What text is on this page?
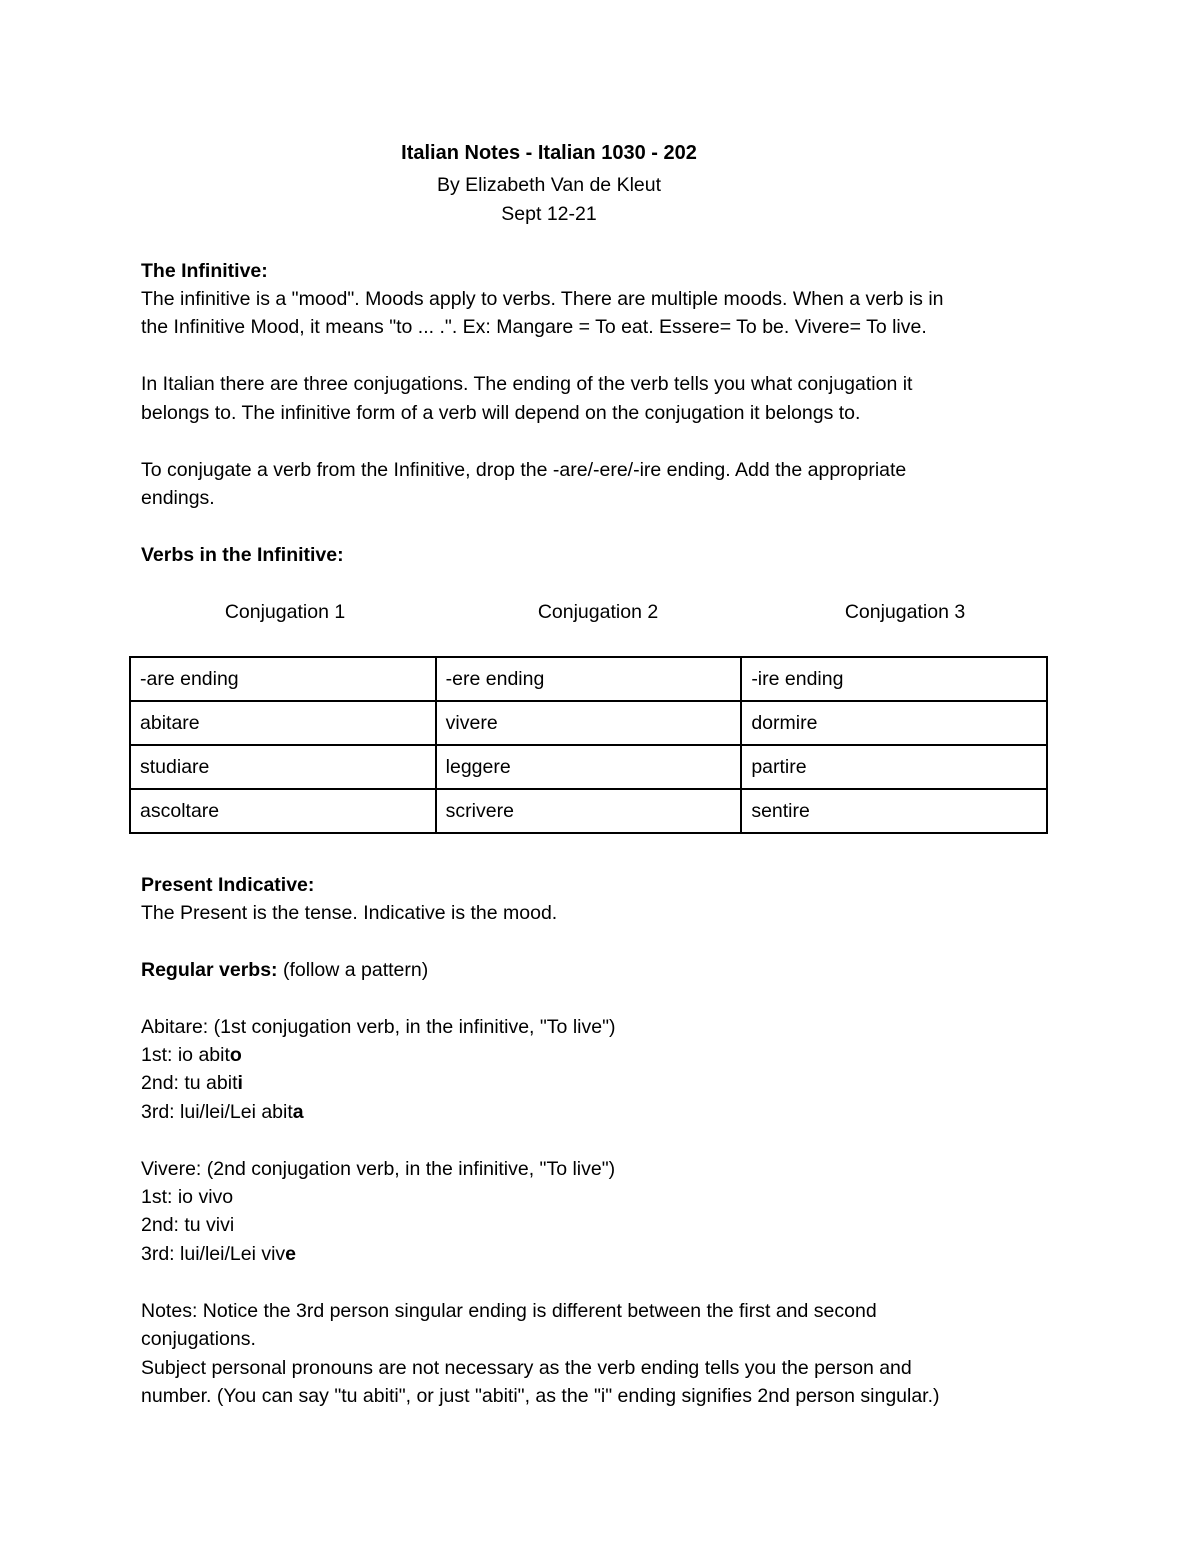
Italian Notes - Italian 1030 - 202
By Elizabeth Van de Kleut
Sept 12-21
The Infinitive:
The infinitive is a "mood". Moods apply to verbs. There are multiple moods. When a verb is in
the Infinitive Mood, it means "to ... .". Ex: Mangare = To eat. Essere= To be. Vivere= To live.
In Italian there are three conjugations. The ending of the verb tells you what conjugation it
belongs to. The infinitive form of a verb will depend on the conjugation it belongs to.
To conjugate a verb from the Infinitive, drop the -are/-ere/-ire ending. Add the appropriate
endings.
Verbs in the Infinitive:
Conjugation 1	Conjugation 2	Conjugation 3
-are ending	-ere ending	-ire ending
abitare	vivere	dormire
studiare	leggere	partire
ascoltare	scrivere	sentire
Present Indicative:
The Present is the tense. Indicative is the mood.
Regular verbs: (follow a pattern)
Abitare: (1st conjugation verb, in the infinitive, "To live")
1st: io abito
2nd: tu abiti
3rd: lui/lei/Lei abita
Vivere: (2nd conjugation verb, in the infinitive, "To live")
1st: io vivo
2nd: tu vivi
3rd: lui/lei/Lei vive
Notes: Notice the 3rd person singular ending is different between the first and second
conjugations.
Subject personal pronouns are not necessary as the verb ending tells you the person and
number. (You can say "tu abiti", or just "abiti", as the "i" ending signifies 2nd person singular.)
